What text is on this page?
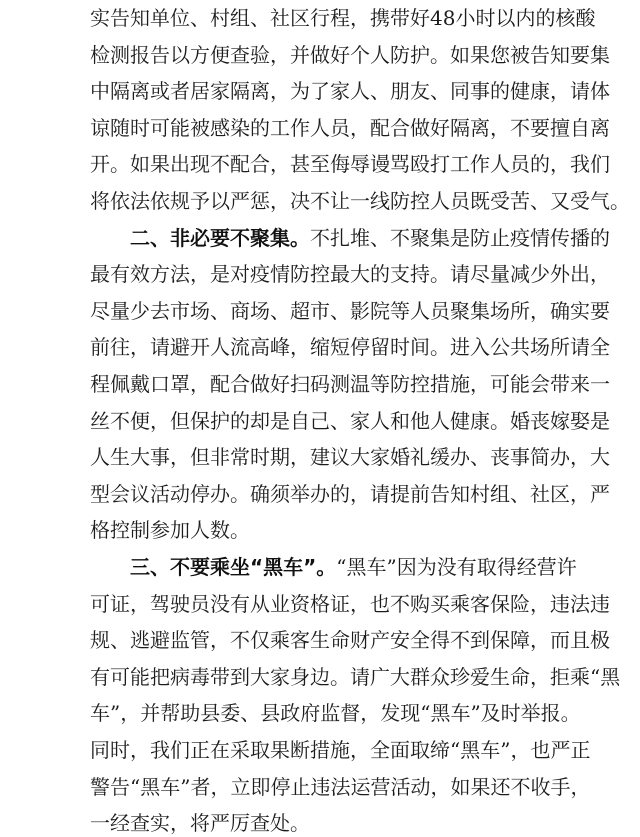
实告知单位、村组、社区行程，携带好48小时以内的核酸
检测报告以方便查验，并做好个人防护。如果您被告知要集
中隔离或者居家隔离，为了家人、朋友、同事的健康，请体
谅随时可能被感染的工作人员，配合做好隔离，不要擅自离
开。如果出现不配合，甚至侮辱谩骂殴打工作人员的，我们
将依法依规予以严惩，决不让一线防控人员既受苦、又受气。
二、非必要不聚集。不扎堆、不聚集是防止疫情传播的
最有效方法，是对疫情防控最大的支持。请尽量减少外出，
尽量少去市场、商场、超市、影院等人员聚集场所，确实要
前往，请避开人流高峰，缩短停留时间。进入公共场所请全
程佩戴口罩，配合做好扫码测温等防控措施，可能会带来一
丝不便，但保护的却是自己、家人和他人健康。婚丧嫁娶是
人生大事，但非常时期，建议大家婚礼缓办、丧事简办，大
型会议活动停办。确须举办的，请提前告知村组、社区，严
格控制参加人数。
三、不要乘坐“黑车”。“黑车”因为没有取得经营许
可证，驾驶员没有从业资格证，也不购买乘客保险，违法违
规、逃避监管，不仅乘客生命财产安全得不到保障，而且极
有可能把病毒带到大家身边。请广大群众珍爱生命，拒乘“黑
车”，并帮助县委、县政府监督，发现“黑车”及时举报。
同时，我们正在采取果断措施，全面取缔“黑车”，也严正
警告“黑车”者，立即停止违法运营活动，如果还不收手，
一经查实，将严厉查处。
